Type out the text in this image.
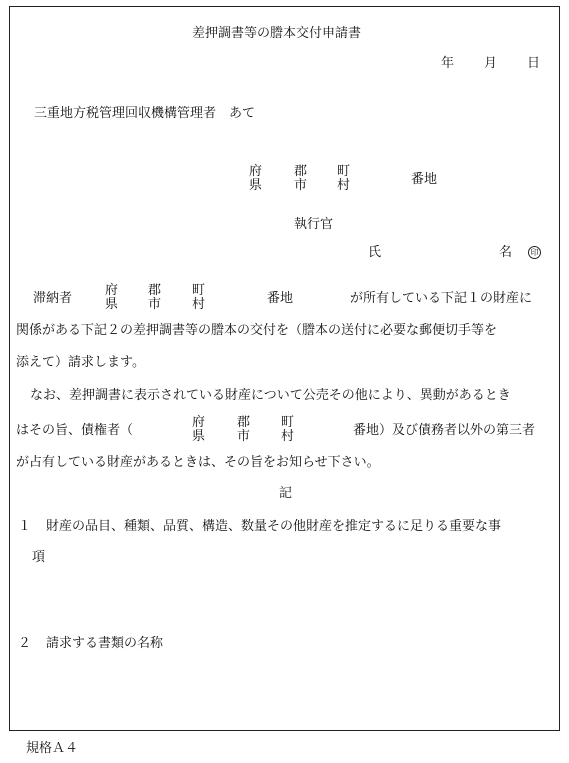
差押調書等の謄本交付申請書
年 月 日
三重地方税管理回収機構管理者　あて
府
県
郡
市
町
村	番地
執行官
氏	名	印
滞納者
府
県
郡
市
町
村	番地	が所有している下記１の財産に
関係がある下記２の差押調書等の謄本の交付を（謄本の送付に必要な郵便切手等を
添えて）請求します。
なお、差押調書に表示されている財産について公売その他により、異動があるとき
はその旨、債権者（
府
県
郡
市
町
村	番地）及び債務者以外の第三者
が占有している財産があるときは、その旨をお知らせ下さい。
記
１ 財産の品目、種類、品質、構造、数量その他財産を推定するに足りる重要な事
項
２ 請求する書類の名称
規格Ａ４
